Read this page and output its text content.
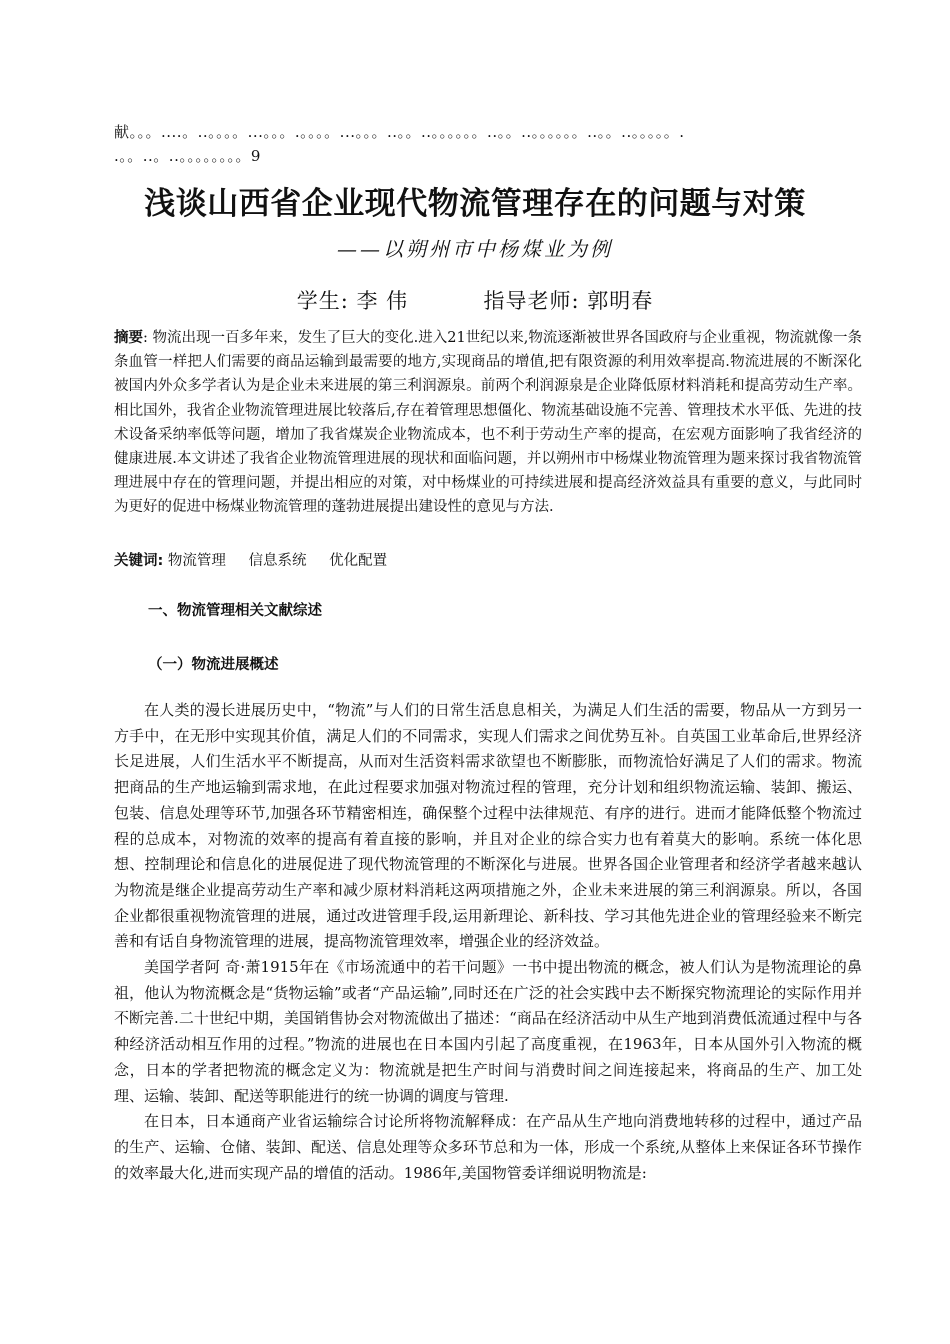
献。。。....。..。。。。...。。。.。。。。...。。。..。。..。。。。。。..。。..。。。。。。..。。..。。。。。.
.。。..。..。。。。。。。。9
浅谈山西省企业现代物流管理存在的问题与对策
——以朔州市中杨煤业为例
学生: 李 伟	指导老师: 郭明春
摘要: 物流出现一百多年来，发生了巨大的变化.进入21世纪以来,物流逐渐被世界各国政府与企业重视，物流就像一条条血管一样把人们需要的商品运输到最需要的地方,实现商品的增值,把有限资源的利用效率提高.物流进展的不断深化被国内外众多学者认为是企业未来进展的第三利润源泉。前两个利润源泉是企业降低原材料消耗和提高劳动生产率。相比国外，我省企业物流管理进展比较落后,存在着管理思想僵化、物流基础设施不完善、管理技术水平低、先进的技术设备采纳率低等问题，增加了我省煤炭企业物流成本，也不利于劳动生产率的提高，在宏观方面影响了我省经济的健康进展.本文讲述了我省企业物流管理进展的现状和面临问题，并以朔州市中杨煤业物流管理为题来探讨我省物流管理进展中存在的管理问题，并提出相应的对策，对中杨煤业的可持续进展和提高经济效益具有重要的意义，与此同时为更好的促进中杨煤业物流管理的蓬勃进展提出建设性的意见与方法.
关键词: 物流管理 信息系统 优化配置
一、物流管理相关文献综述
（一）物流进展概述

在人类的漫长进展历史中，“物流”与人们的日常生活息息相关，为满足人们生活的需要，物品从一方到另一方手中，在无形中实现其价值，满足人们的不同需求，实现人们需求之间优势互补。自英国工业革命后,世界经济长足进展，人们生活水平不断提高，从而对生活资料需求欲望也不断膨胀，而物流恰好满足了人们的需求。物流把商品的生产地运输到需求地，在此过程要求加强对物流过程的管理，充分计划和组织物流运输、装卸、搬运、包装、信息处理等环节,加强各环节精密相连，确保整个过程中法律规范、有序的进行。进而才能降低整个物流过程的总成本，对物流的效率的提高有着直接的影响，并且对企业的综合实力也有着莫大的影响。系统一体化思想、控制理论和信息化的进展促进了现代物流管理的不断深化与进展。世界各国企业管理者和经济学者越来越认为物流是继企业提高劳动生产率和减少原材料消耗这两项措施之外，企业未来进展的第三利润源泉。所以，各国企业都很重视物流管理的进展，通过改进管理手段,运用新理论、新科技、学习其他先进企业的管理经验来不断完善和有话自身物流管理的进展，提高物流管理效率，增强企业的经济效益。

美国学者阿 奇·萧1915年在《市场流通中的若干问题》一书中提出物流的概念，被人们认为是物流理论的鼻祖，他认为物流概念是“货物运输”或者“产品运输”,同时还在广泛的社会实践中去不断探究物流理论的实际作用并不断完善.二十世纪中期，美国销售协会对物流做出了描述：“商品在经济活动中从生产地到消费低流通过程中与各种经济活动相互作用的过程。”物流的进展也在日本国内引起了高度重视，在1963年，日本从国外引入物流的概念，日本的学者把物流的概念定义为：物流就是把生产时间与消费时间之间连接起来，将商品的生产、加工处理、运输、装卸、配送等职能进行的统一协调的调度与管理.

在日本，日本通商产业省运输综合讨论所将物流解释成：在产品从生产地向消费地转移的过程中，通过产品的生产、运输、仓储、装卸、配送、信息处理等众多环节总和为一体，形成一个系统,从整体上来保证各环节操作的效率最大化,进而实现产品的增值的活动。1986年,美国物管委详细说明物流是:
